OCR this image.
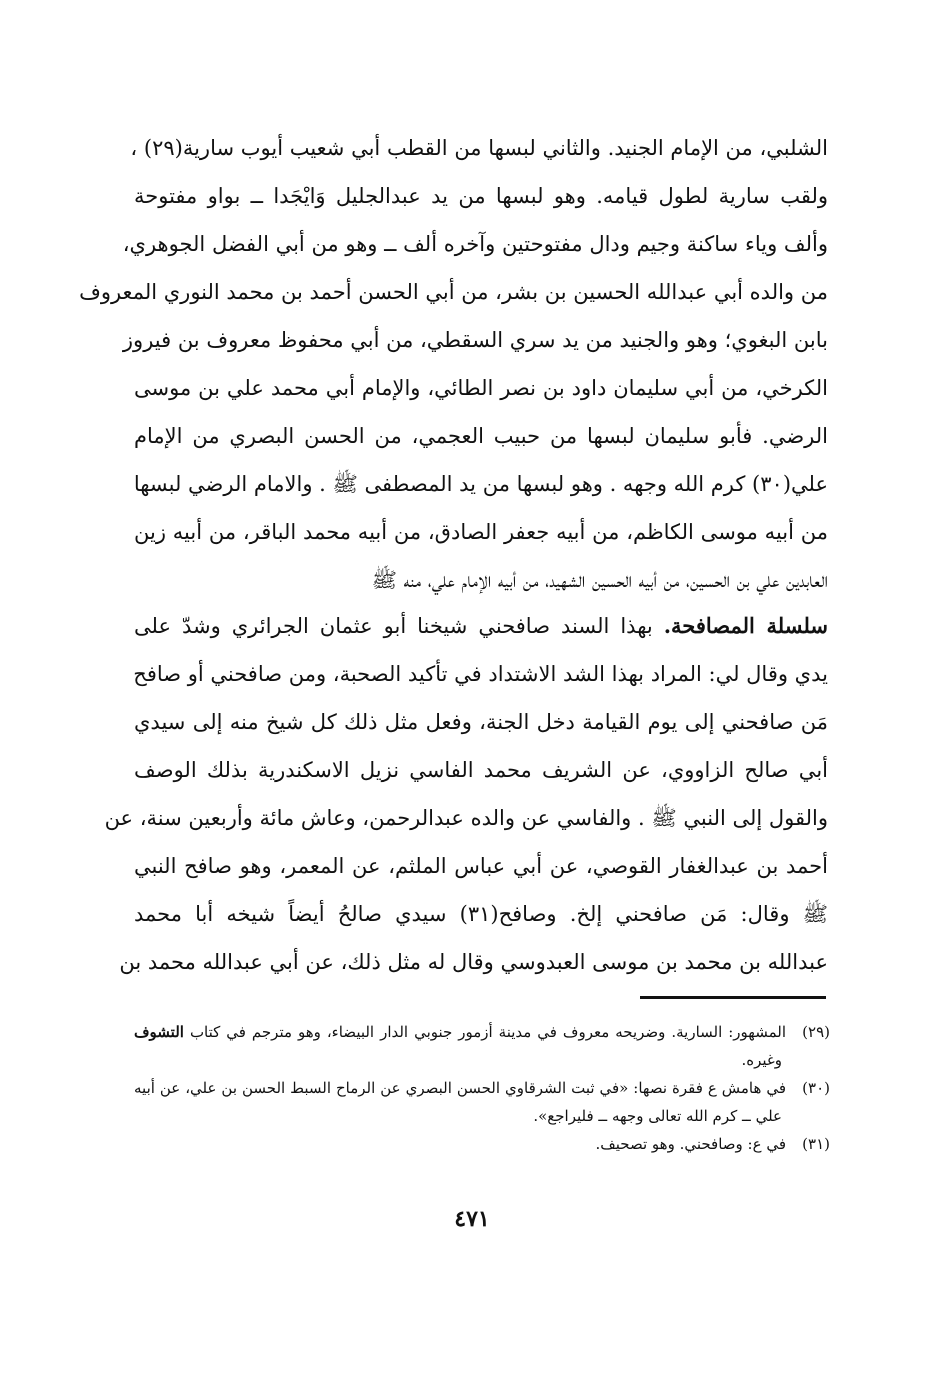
الشلبي، من الإمام الجنيد. والثاني لبسها من القطب أبي شعيب أيوب سارية(٢٩) ،
ولقب سارية لطول قيامه. وهو لبسها من يد عبدالجليل وَايْجَدا ــ بواو مفتوحة
وألف وياء ساكنة وجيم ودال مفتوحتين وآخره ألف ــ وهو من أبي الفضل الجوهري،
من والده أبي عبدالله الحسين بن بشر، من أبي الحسن أحمد بن محمد النوري المعروف
بابن البغوي؛ وهو والجنيد من يد سري السقطي، من أبي محفوظ معروف بن فيروز
الكرخي، من أبي سليمان داود بن نصر الطائي، والإمام أبي محمد علي بن موسى
الرضي. فأبو سليمان لبسها من حبيب العجمي، من الحسن البصري من الإمام
علي(٣٠) كرم الله وجهه . وهو لبسها من يد المصطفى ﷺ . والامام الرضي لبسها
من أبيه موسى الكاظم، من أبيه جعفر الصادق، من أبيه محمد الباقر، من أبيه زين
العابدين علي بن الحسين، من أبيه الحسين الشهيد، من أبيه الإمام علي، منه ﷺ
سلسلة المصافحة. بهذا السند صافحني شيخنا أبو عثمان الجرائري وشدّ على
يدي وقال لي: المراد بهذا الشد الاشتداد في تأكيد الصحبة، ومن صافحني أو صافح
مَن صافحني إلى يوم القيامة دخل الجنة، وفعل مثل ذلك كل شيخ منه إلى سيدي
أبي صالح الزاووي، عن الشريف محمد الفاسي نزيل الاسكندرية بذلك الوصف
والقول إلى النبي ﷺ . والفاسي عن والده عبدالرحمن، وعاش مائة وأربعين سنة، عن
أحمد بن عبدالغفار القوصي، عن أبي عباس الملثم، عن المعمر، وهو صافح النبي
ﷺ وقال: مَن صافحني إلخ. وصافح(٣١) سيدي صالحُ أيضاً شيخه أبا محمد
عبدالله بن محمد بن موسى العبدوسي وقال له مثل ذلك، عن أبي عبدالله محمد بن
(٢٩)المشهور: السارية. وضريحه معروف في مدينة أزمور جنوبي الدار البيضاء، وهو مترجم في كتاب التشوف
وغيره.
(٣٠)في هامش ع فقرة نصها: «في ثبت الشرقاوي الحسن البصري عن الرماح السبط الحسن بن علي، عن أبيه
علي ــ كرم الله تعالى وجهه ــ فليراجع».
(٣١)في ع: وصافحني. وهو تصحيف.
٤٧١
